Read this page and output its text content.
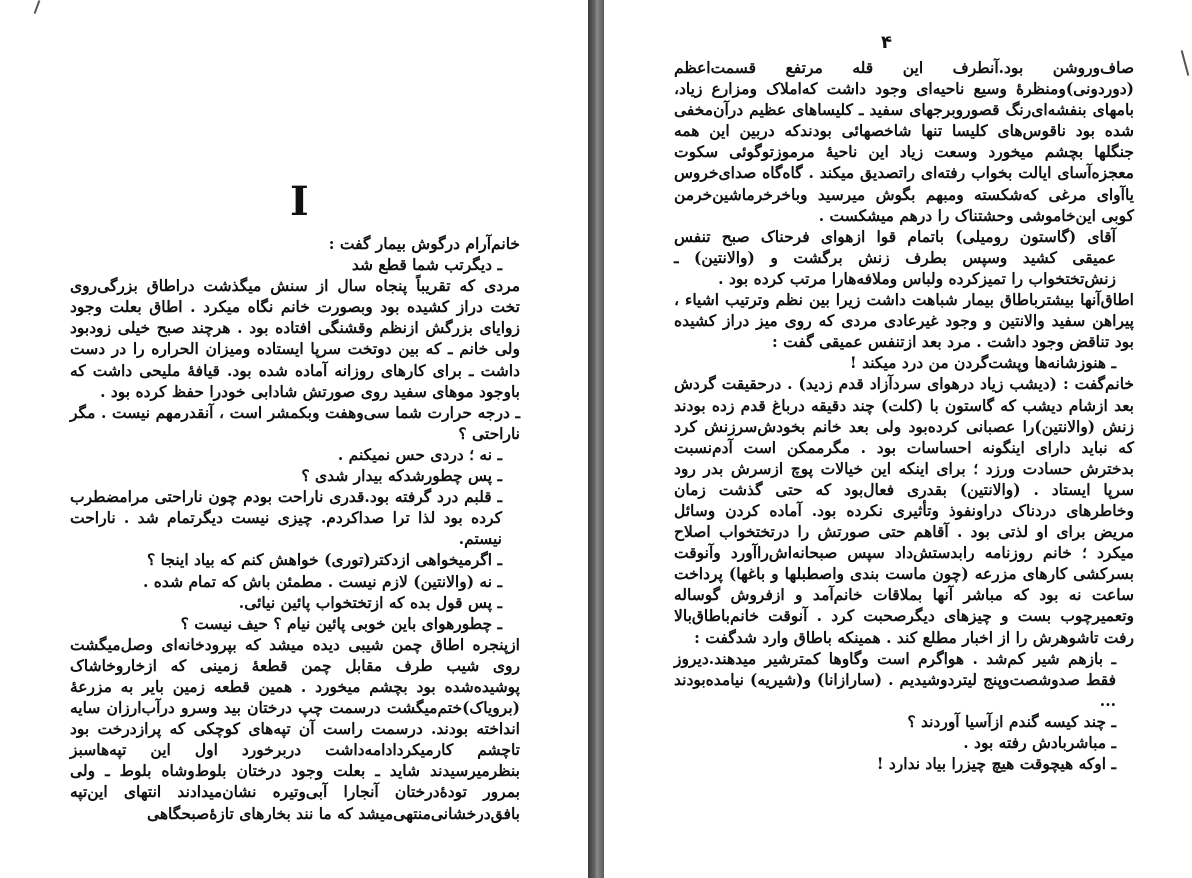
I

خانم‌آرام درگوش بیمار گفت :

ـ دیگرتب شما قطع شد

مردی که تقریباً پنجاه سال از سنش میگذشت دراطاق بزرگی‌روی تخت دراز کشیده بود وبصورت خانم نگاه میکرد . اطاق بعلت وجود زوایای بزرگش ازنظم وقشنگی افتاده بود . هرچند صبح خیلی زودبود ولی خانم ـ که بین دوتخت سرپا ایستاده ومیزان الحراره را در دست داشت ـ برای کارهای روزانه آماده شده بود. قیافهٔ ملیحی داشت که باوجود موهای سفید روی صورتش شادابی خودرا حفظ کرده بود .

ـ درجه حرارت شما سی‌وهفت وبکمشر است ، آنقدرمهم نیست . مگر ناراحتی ؟

ـ نه ؛ دردی حس نمیکنم .

ـ پس چطورشدکه بیدار شدی ؟

ـ قلبم درد گرفته بود.قدری ناراحت بودم چون ناراحتی مرامضطرب کرده بود لذا ترا صداکردم. چیزی نیست دیگرتمام شد . ناراحت نیستم.

ـ اگرمیخواهی ازدکتر(توری) خواهش کنم که بیاد اینجا ؟

ـ نه (والانتین) لازم نیست . مطمئن باش که تمام شده .

ـ پس قول بده که ازتختخواب پائین نیائی.

ـ چطورهوای باین خوبی پائین نیام ؟ حیف نیست ؟

ازپنجره اطاق چمن شیبی دیده میشد که بپرودخانه‌ای وصل‌میگشت روی شیب طرف مقابل چمن قطعهٔ زمینی که ازخاروخاشاک پوشیده‌شده بود بچشم میخورد . همین قطعه زمین بایر به مزرعهٔ (برویاک)ختم‌میگشت درسمت چپ درختان بید وسرو درآب‌ارزان سایه انداخته بودند. درسمت راست آن تپه‌های کوچکی که پرازدرخت بود تاچشم کارمیکرد‌ادامه‌داشت دربرخورد اول این تپه‌هاسبز بنظرمیرسیدند شاید ـ بعلت وجود درختان بلوط‌وشاه بلوط ـ ولی بمرور تودهٔ‌درختان آنجارا آبی‌وتیره نشان‌میدادند انتهای این‌تپه بافق‌درخشانی‌منتهی‌میشد که ما نند بخارهای تازهٔ‌صبحگاهی

۴

صاف‌وروشن بود.آنطرف این قله مرتفع قسمت‌اعظم (دوردونی)ومنظرهٔ وسیع ناحیه‌ای وجود داشت که‌املاک ومزارع زیاد، بامهای بنفشه‌ای‌رنگ قصوروبرجهای سفید ـ کلیساهای عظیم درآن‌مخفی شده بود ناقوس‌های کلیسا تنها شاخصهائی بودندکه دربین این همه جنگلها بچشم میخورد وسعت زیاد این ناحیهٔ مرموزتوگوئی سکوت معجزه‌آسای ایالت بخواب رفته‌ای راتصدیق میکند . گاه‌گاه صدای‌خروس یاآوای مرغی که‌شکسته ومبهم بگوش میرسید وباخرخرماشین‌خرمن کوبی این‌خاموشی وحشتناک را درهم میشکست .

آقای (گاستون رومیلی) باتمام قوا ازهوای فرحناک صبح تنفس عمیقی کشید وسپس بطرف زنش برگشت و (والانتین) ـ زنش‌تختخواب را تمیزکرده ولباس وملافه‌هارا مرتب کرده بود .

اطاق‌آنها بیشترباطاق بیمار شباهت داشت زیرا بین نظم وترتیب اشیاء ، پیراهن سفید والانتین و وجود غیرعادی مردی که روی میز دراز کشیده بود تناقض وجود داشت . مرد بعد ازتنفس عمیقی گفت :

ـ هنوزشانه‌ها وپشت‌گردن من درد میکند !

خانم‌گفت : (دیشب زیاد درهوای سردآزاد قدم زدید) . درحقیقت گردش بعد ازشام دیشب که گاستون با (کلت) چند دقیقه درباغ قدم زده بودند زنش (والانتین)را عصبانی کرده‌بود ولی بعد خانم بخودش‌سرزنش کرد که نباید دارای اینگونه احساسات بود . مگرممکن است آدم‌نسبت بدخترش حسادت ورزد ؛ برای اینکه این خیالات پوچ ازسرش بدر رود سرپا ایستاد . (والانتین) بقدری فعال‌بود که حتی گذشت زمان وخاطرهای دردناک دراونفوذ وتأثیری نکرده بود. آماده کردن وسائل مریض برای او لذتی بود . آقاهم حتی صورتش را درتختخواب اصلاح میکرد ؛ خانم روزنامه رابدستش‌داد سپس صبحانه‌اش‌راآورد وآنوقت بسرکشی کارهای مزرعه (چون ماست بندی واصطبلها و باغها) پرداخت ساعت نه بود که مباشر آنها بملاقات خانم‌آمد و ازفروش گوساله وتعمیرچوب بست و چیزهای دیگرصحبت کرد . آنوقت خانم‌باطاق‌بالا رفت تاشوهرش را از اخبار مطلع کند . همینکه باطاق وارد شدگفت :

ـ بازهم شیر کم‌شد . هواگرم است وگاوها کمترشیر میدهند.دیروز فقط صدوشصت‌وپنج لیتردوشیدیم . (سارازانا) و(شیریه) نیامده‌بودند ...

ـ چند کیسه گندم ازآسیا آوردند ؟

ـ مباشربادش رفته بود .

ـ اوکه هیچوقت هیچ چیزرا بیاد ندارد !
